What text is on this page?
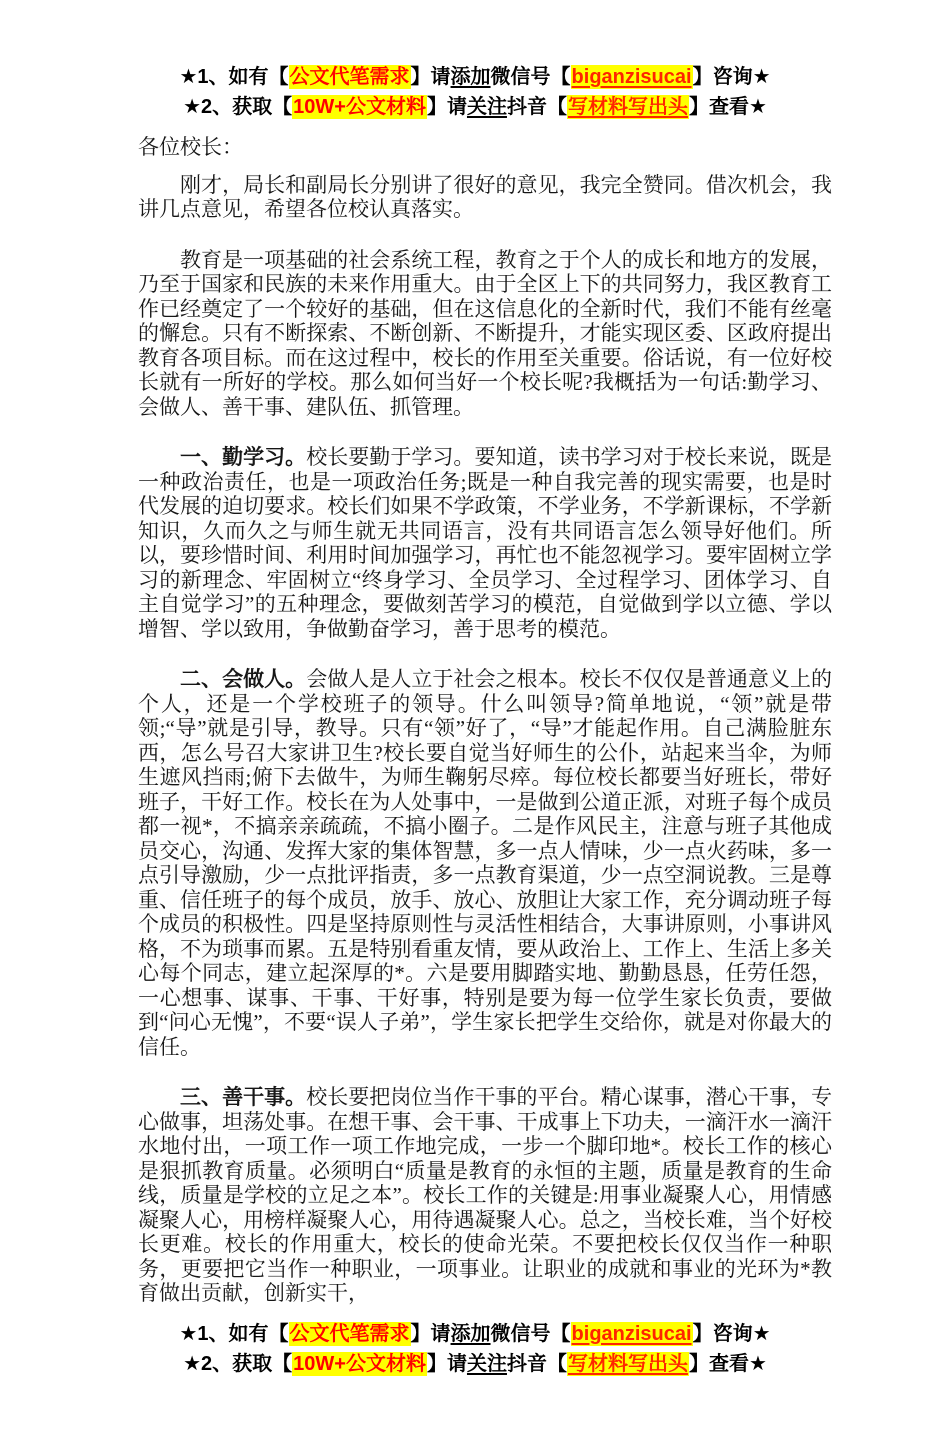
★1、如有【公文代笔需求】请添加微信号【biganzisucai】咨询★
★2、获取【10W+公文材料】请关注抖音【写材料写出头】查看★
各位校长：

刚才，局长和副局长分别讲了很好的意见，我完全赞同。借次机会，我讲几点意见，希望各位校认真落实。

教育是一项基础的社会系统工程，教育之于个人的成长和地方的发展，乃至于国家和民族的未来作用重大。由于全区上下的共同努力，我区教育工作已经奠定了一个较好的基础，但在这信息化的全新时代，我们不能有丝毫的懈怠。只有不断探索、不断创新、不断提升，才能实现区委、区政府提出教育各项目标。而在这过程中，校长的作用至关重要。俗话说，有一位好校长就有一所好的学校。那么如何当好一个校长呢?我概括为一句话:勤学习、会做人、善干事、建队伍、抓管理。

一、勤学习。校长要勤于学习。要知道，读书学习对于校长来说，既是一种政治责任，也是一项政治任务;既是一种自我完善的现实需要，也是时代发展的迫切要求。校长们如果不学政策，不学业务，不学新课标，不学新知识，久而久之与师生就无共同语言，没有共同语言怎么领导好他们。所以，要珍惜时间、利用时间加强学习，再忙也不能忽视学习。要牢固树立学习的新理念、牢固树立“终身学习、全员学习、全过程学习、团体学习、自主自觉学习”的五种理念，要做刻苦学习的模范，自觉做到学以立德、学以增智、学以致用，争做勤奋学习，善于思考的模范。

二、会做人。会做人是人立于社会之根本。校长不仅仅是普通意义上的个人，还是一个学校班子的领导。什么叫领导?简单地说，“领”就是带领;“导”就是引导，教导。只有“领”好了，“导”才能起作用。自己满脸脏东西，怎么号召大家讲卫生?校长要自觉当好师生的公仆，站起来当伞，为师生遮风挡雨;俯下去做牛，为师生鞠躬尽瘁。每位校长都要当好班长，带好班子，干好工作。校长在为人处事中，一是做到公道正派，对班子每个成员都一视*，不搞亲亲疏疏，不搞小圈子。二是作风民主，注意与班子其他成员交心，沟通、发挥大家的集体智慧，多一点人情味，少一点火药味，多一点引导激励，少一点批评指责，多一点教育渠道，少一点空洞说教。三是尊重、信任班子的每个成员，放手、放心、放胆让大家工作，充分调动班子每个成员的积极性。四是坚持原则性与灵活性相结合，大事讲原则，小事讲风格，不为琐事而累。五是特别看重友情，要从政治上、工作上、生活上多关心每个同志，建立起深厚的*。六是要用脚踏实地、勤勤恳恳，任劳任怨，一心想事、谋事、干事、干好事，特别是要为每一位学生家长负责，要做到“问心无愧”，不要“误人子弟”，学生家长把学生交给你，就是对你最大的信任。

三、善干事。校长要把岗位当作干事的平台。精心谋事，潜心干事，专心做事，坦荡处事。在想干事、会干事、干成事上下功夫，一滴汗水一滴汗水地付出，一项工作一项工作地完成，一步一个脚印地*。校长工作的核心是狠抓教育质量。必须明白“质量是教育的永恒的主题，质量是教育的生命线，质量是学校的立足之本”。校长工作的关键是:用事业凝聚人心，用情感凝聚人心，用榜样凝聚人心，用待遇凝聚人心。总之，当校长难，当个好校长更难。校长的作用重大，校长的使命光荣。不要把校长仅仅当作一种职务，更要把它当作一种职业，一项事业。让职业的成就和事业的光环为*教育做出贡献，创新实干，

★1、如有【公文代笔需求】请添加微信号【biganzisucai】咨询★
★2、获取【10W+公文材料】请关注抖音【写材料写出头】查看★
